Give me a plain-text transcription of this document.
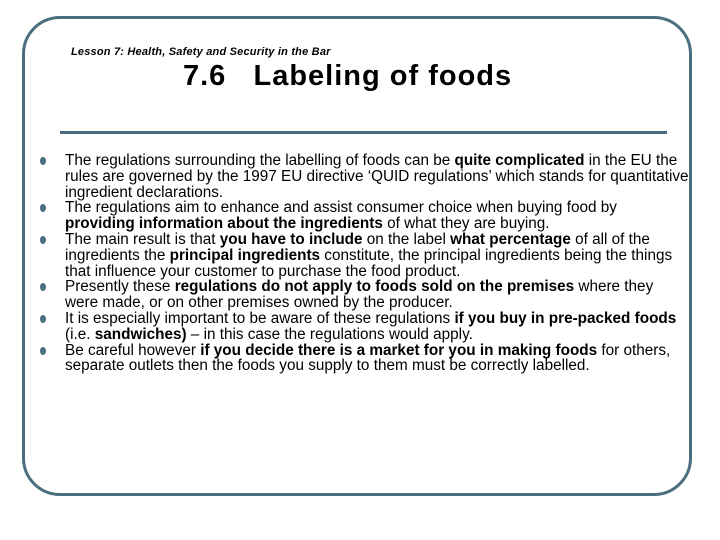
Lesson 7: Health, Safety and Security in the Bar
7.6   Labeling of foods
The regulations surrounding the labelling of foods can be quite complicated in the EU the rules are governed by the 1997 EU directive ‘QUID regulations’ which stands for quantitative ingredient declarations.
The regulations aim to enhance and assist consumer choice when buying food by providing information about the ingredients of what they are buying.
The main result is that you have to include on the label what percentage of all of the ingredients the principal ingredients constitute, the principal ingredients being the things that influence your customer to purchase the food product.
Presently these regulations do not apply to foods sold on the premises where they were made, or on other premises owned by the producer.
It is especially important to be aware of these regulations if you buy in pre-packed foods (i.e. sandwiches) – in this case the regulations would apply.
Be careful however if you decide there is a market for you in making foods for others, separate outlets then the foods you supply to them must be correctly labelled.
